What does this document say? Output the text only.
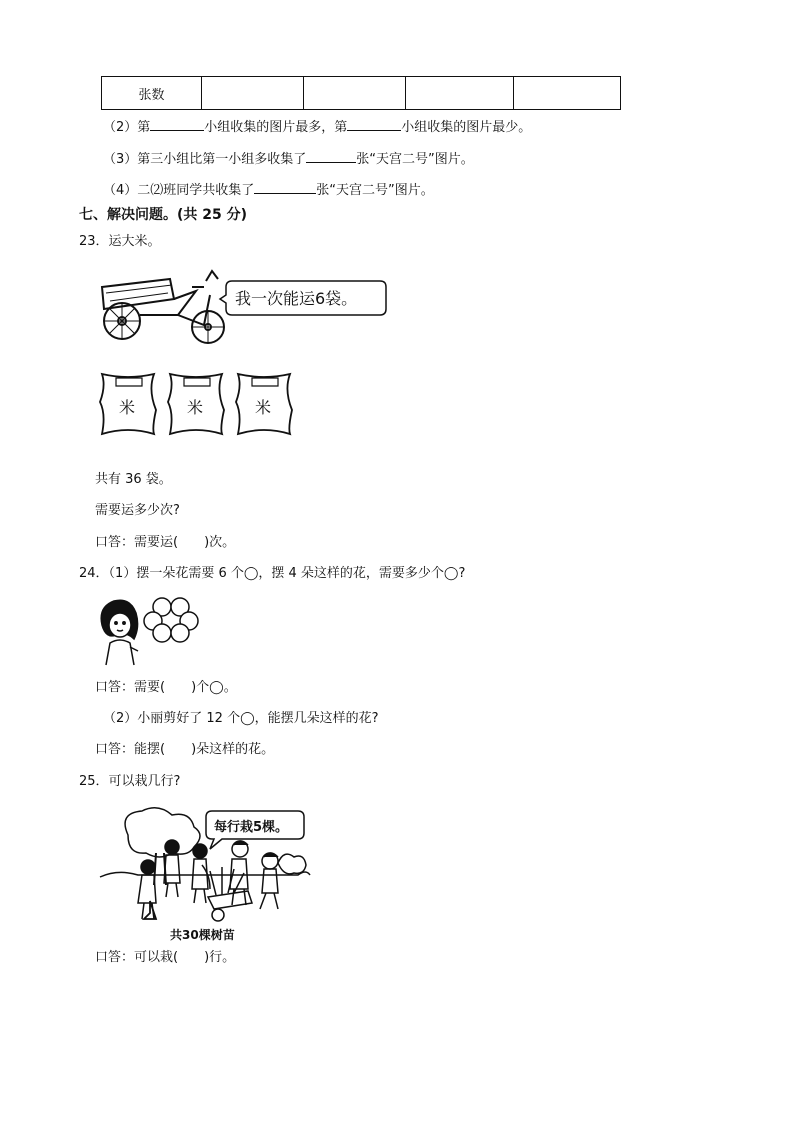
张数				
（2）第	小组收集的图片最多，第	小组收集的图片最少。
（3）第三小组比第一小组多收集了	张“天宫二号”图片。
（4）二⑵班同学共收集了	张“天宫二号”图片。
七、解决问题。(共 25 分)
23．运大米。
我一次能运6袋。
米	米	米
共有 36 袋。
需要运多少次?
口答：需要运( )次。
24．（1）摆一朵花需要 6 个◯，摆 4 朵这样的花，需要多少个◯?
口答：需要( )个◯。
（2）小丽剪好了 12 个◯，能摆几朵这样的花?
口答：能摆( )朵这样的花。
25．可以栽几行?
每行栽5棵。
共30棵树苗
口答：可以栽( )行。
